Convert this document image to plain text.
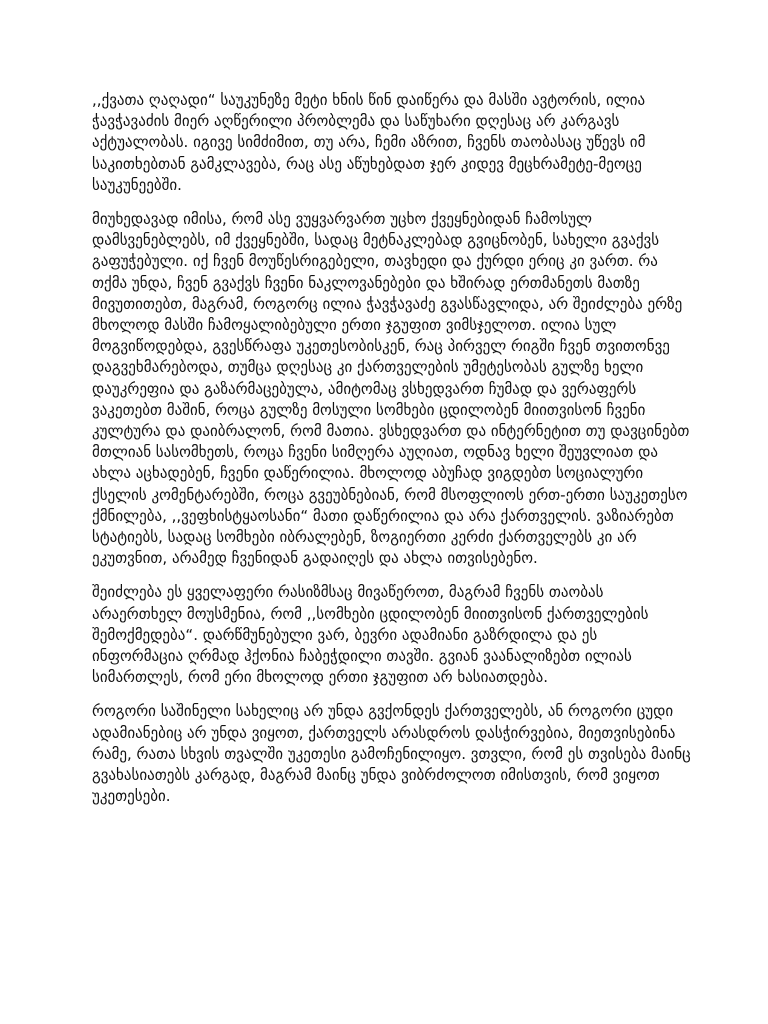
,,ქვათა ღაღადი“ საუკუნეზე მეტი ხნის წინ დაიწერა და მასში ავტორის, ილია ჭავჭავაძის მიერ აღწერილი პრობლემა და საწუხარი დღესაც არ კარგავს აქტუალობას. იგივე სიმძიმით, თუ არა, ჩემი აზრით, ჩვენს თაობასაც უწევს იმ საკითხებთან გამკლავება, რაც ასე აწუხებდათ ჯერ კიდევ მეცხრამეტე-მეოცე საუკუნეებში.

მიუხედავად იმისა, რომ ასე ვუყვარვართ უცხო ქვეყნებიდან ჩამოსულ დამსვენებლებს, იმ ქვეყნებში, სადაც მეტნაკლებად გვიცნობენ, სახელი გვაქვს გაფუჭებული. იქ ჩვენ მოუწესრიგებელი, თავხედი და ქურდი ერიც კი ვართ. რა თქმა უნდა, ჩვენ გვაქვს ჩვენი ნაკლოვანებები და ხშირად ერთმანეთს მათზე მივუთითებთ, მაგრამ, როგორც ილია ჭავჭავაძე გვასწავლიდა, არ შეიძლება ერზე მხოლოდ მასში ჩამოყალიბებული ერთი ჯგუფით ვიმსჯელოთ. ილია სულ მოგვიწოდებდა, გვესწრაფა უკეთესობისკენ, რაც პირველ რიგში ჩვენ თვითონვე დაგვეხმარებოდა, თუმცა დღესაც კი ქართველების უმეტესობას გულზე ხელი დაუკრეფია და გაზარმაცებულა, ამიტომაც ვსხედვართ ჩუმად და ვერაფერს ვაკეთებთ მაშინ, როცა გულზე მოსული სომხები ცდილობენ მიითვისონ ჩვენი კულტურა და დაიბრალონ, რომ მათია. ვსხედვართ და ინტერნეტით თუ დავცინებთ მთლიან სასომხეთს, როცა ჩვენი სიმღერა აუღიათ, ოდნავ ხელი შეუვლიათ და ახლა აცხადებენ, ჩვენი დაწერილია. მხოლოდ აბუჩად ვიგდებთ სოციალური ქსელის კომენტარებში, როცა გვეუბნებიან, რომ მსოფლიოს ერთ-ერთი საუკეთესო ქმნილება, ,,ვეფხისტყაოსანი“ მათი დაწერილია და არა ქართველის. ვაზიარებთ სტატიებს, სადაც სომხები იბრალებენ, ზოგიერთი კერძი ქართველებს კი არ ეკუთვნით, არამედ ჩვენიდან გადაიღეს და ახლა ითვისებენო.

შეიძლება ეს ყველაფერი რასიზმსაც მივაწეროთ, მაგრამ ჩვენს თაობას არაერთხელ მოუსმენია, რომ ,,სომხები ცდილობენ მიითვისონ ქართველების შემოქმედება“. დარწმუნებული ვარ, ბევრი ადამიანი გაზრდილა და ეს ინფორმაცია ღრმად ჰქონია ჩაბეჭდილი თავში. გვიან ვაანალიზებთ ილიას სიმართლეს, რომ ერი მხოლოდ ერთი ჯგუფით არ ხასიათდება.

როგორი საშინელი სახელიც არ უნდა გვქონდეს ქართველებს, ან როგორი ცუდი ადამიანებიც არ უნდა ვიყოთ, ქართველს არასდროს დასჭირვებია, მიეთვისებინა რამე, რათა სხვის თვალში უკეთესი გამოჩენილიყო. ვთვლი, რომ ეს თვისება მაინც გვახასიათებს კარგად, მაგრამ მაინც უნდა ვიბრძოლოთ იმისთვის, რომ ვიყოთ უკეთესები.
